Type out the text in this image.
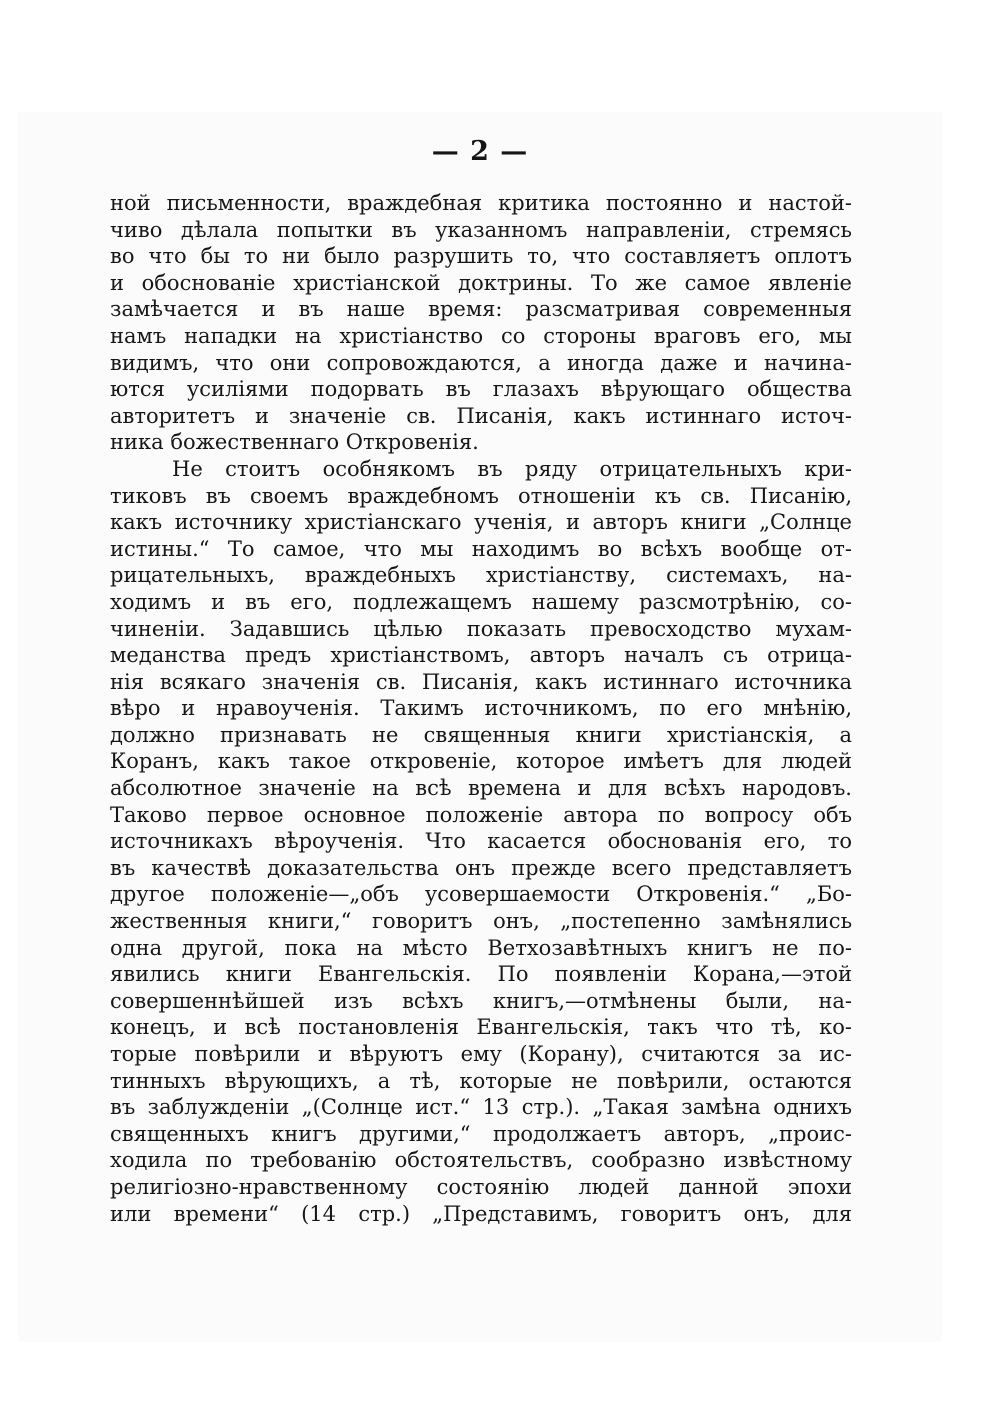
— 2 —
ной письменности, враждебная критика постоянно и настой-
чиво дѣлала попытки въ указанномъ направленіи, стремясь
во что бы то ни было разрушить то, что составляетъ оплотъ
и обоснованіе христіанской доктрины. То же самое явленіе
замѣчается и въ наше время: разсматривая современныя
намъ нападки на христіанство со стороны враговъ его, мы
видимъ, что они сопровождаются, а иногда даже и начина-
ются усиліями подорвать въ глазахъ вѣрующаго общества
авторитетъ и значеніе св. Писанія, какъ истиннаго источ-
ника божественнаго Откровенія.
Не стоитъ особнякомъ въ ряду отрицательныхъ кри-
тиковъ въ своемъ враждебномъ отношеніи къ св. Писанію,
какъ источнику христіанскаго ученія, и авторъ книги „Солнце
истины.“ То самое, что мы находимъ во всѣхъ вообще от-
рицательныхъ, враждебныхъ христіанству, системахъ, на-
ходимъ и въ его, подлежащемъ нашему разсмотрѣнію, со-
чиненіи. Задавшись цѣлью показать превосходство мухам-
меданства предъ христіанствомъ, авторъ началъ съ отрица-
нія всякаго значенія св. Писанія, какъ истиннаго источника
вѣро и нравоученія. Такимъ источникомъ, по его мнѣнію,
должно признавать не священныя книги христіанскія, а
Коранъ, какъ такое откровеніе, которое имѣетъ для людей
абсолютное значеніе на всѣ времена и для всѣхъ народовъ.
Таково первое основное положеніе автора по вопросу объ
источникахъ вѣроученія. Что касается обоснованія его, то
въ качествѣ доказательства онъ прежде всего представляетъ
другое положеніе—„объ усовершаемости Откровенія.“ „Бо-
жественныя книги,“ говоритъ онъ, „постепенно замѣнялись
одна другой, пока на мѣсто Ветхозавѣтныхъ книгъ не по-
явились книги Евангельскія. По появленіи Корана,—этой
совершеннѣйшей изъ всѣхъ книгъ,—отмѣнены были, на-
конецъ, и всѣ постановленія Евангельскія, такъ что тѣ, ко-
торые повѣрили и вѣруютъ ему (Корану), считаются за ис-
тинныхъ вѣрующихъ, а тѣ, которые не повѣрили, остаются
въ заблужденіи „(Солнце ист.“ 13 стр.). „Такая замѣна однихъ
священныхъ книгъ другими,“ продолжаетъ авторъ, „проис-
ходила по требованію обстоятельствъ, сообразно извѣстному
религіозно-нравственному состоянію людей данной эпохи
или времени“ (14 стр.) „Представимъ, говоритъ онъ, для
